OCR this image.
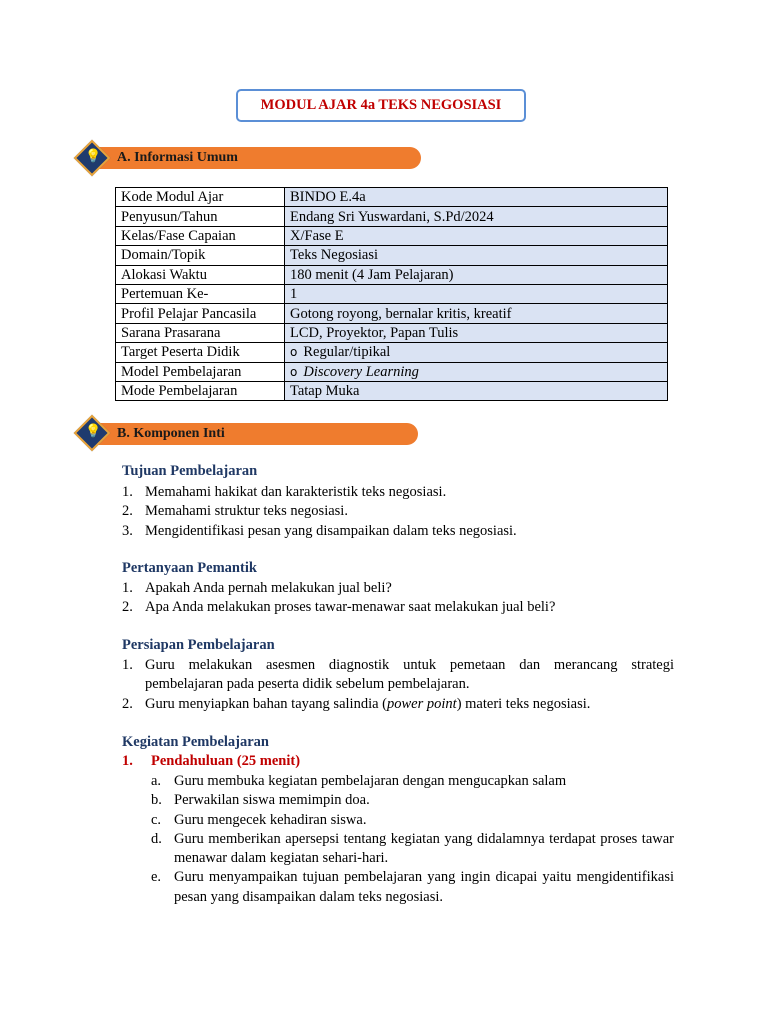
MODUL AJAR 4a TEKS NEGOSIASI
💡 A. Informasi Umum
Kode Modul Ajar	BINDO E.4a
Penyusun/Tahun	Endang Sri Yuswardani, S.Pd/2024
Kelas/Fase Capaian	X/Fase E
Domain/Topik	Teks Negosiasi
Alokasi Waktu	180 menit (4 Jam Pelajaran)
Pertemuan Ke-	1
Profil Pelajar Pancasila	Gotong royong, bernalar kritis, kreatif
Sarana Prasarana	LCD, Proyektor, Papan Tulis
Target Peserta Didik	o Regular/tipikal
Model Pembelajaran	o Discovery Learning
Mode Pembelajaran	Tatap Muka
💡 B. Komponen Inti
Tujuan Pembelajaran
1. Memahami hakikat dan karakteristik teks negosiasi.
2. Memahami struktur teks negosiasi.
3. Mengidentifikasi pesan yang disampaikan dalam teks negosiasi.
Pertanyaan Pemantik
1. Apakah Anda pernah melakukan jual beli?
2. Apa Anda melakukan proses tawar-menawar saat melakukan jual beli?
Persiapan Pembelajaran
1. Guru melakukan asesmen diagnostik untuk pemetaan dan merancang strategi pembelajaran pada peserta didik sebelum pembelajaran.
2. Guru menyiapkan bahan tayang salindia (power point) materi teks negosiasi.
Kegiatan Pembelajaran
1.	Pendahuluan (25 menit)
a. Guru membuka kegiatan pembelajaran dengan mengucapkan salam
b. Perwakilan siswa memimpin doa.
c. Guru mengecek kehadiran siswa.
d. Guru memberikan apersepsi tentang kegiatan yang didalamnya terdapat proses tawar menawar dalam kegiatan sehari-hari.
e. Guru menyampaikan tujuan pembelajaran yang ingin dicapai yaitu mengidentifikasi pesan yang disampaikan dalam teks negosiasi.
